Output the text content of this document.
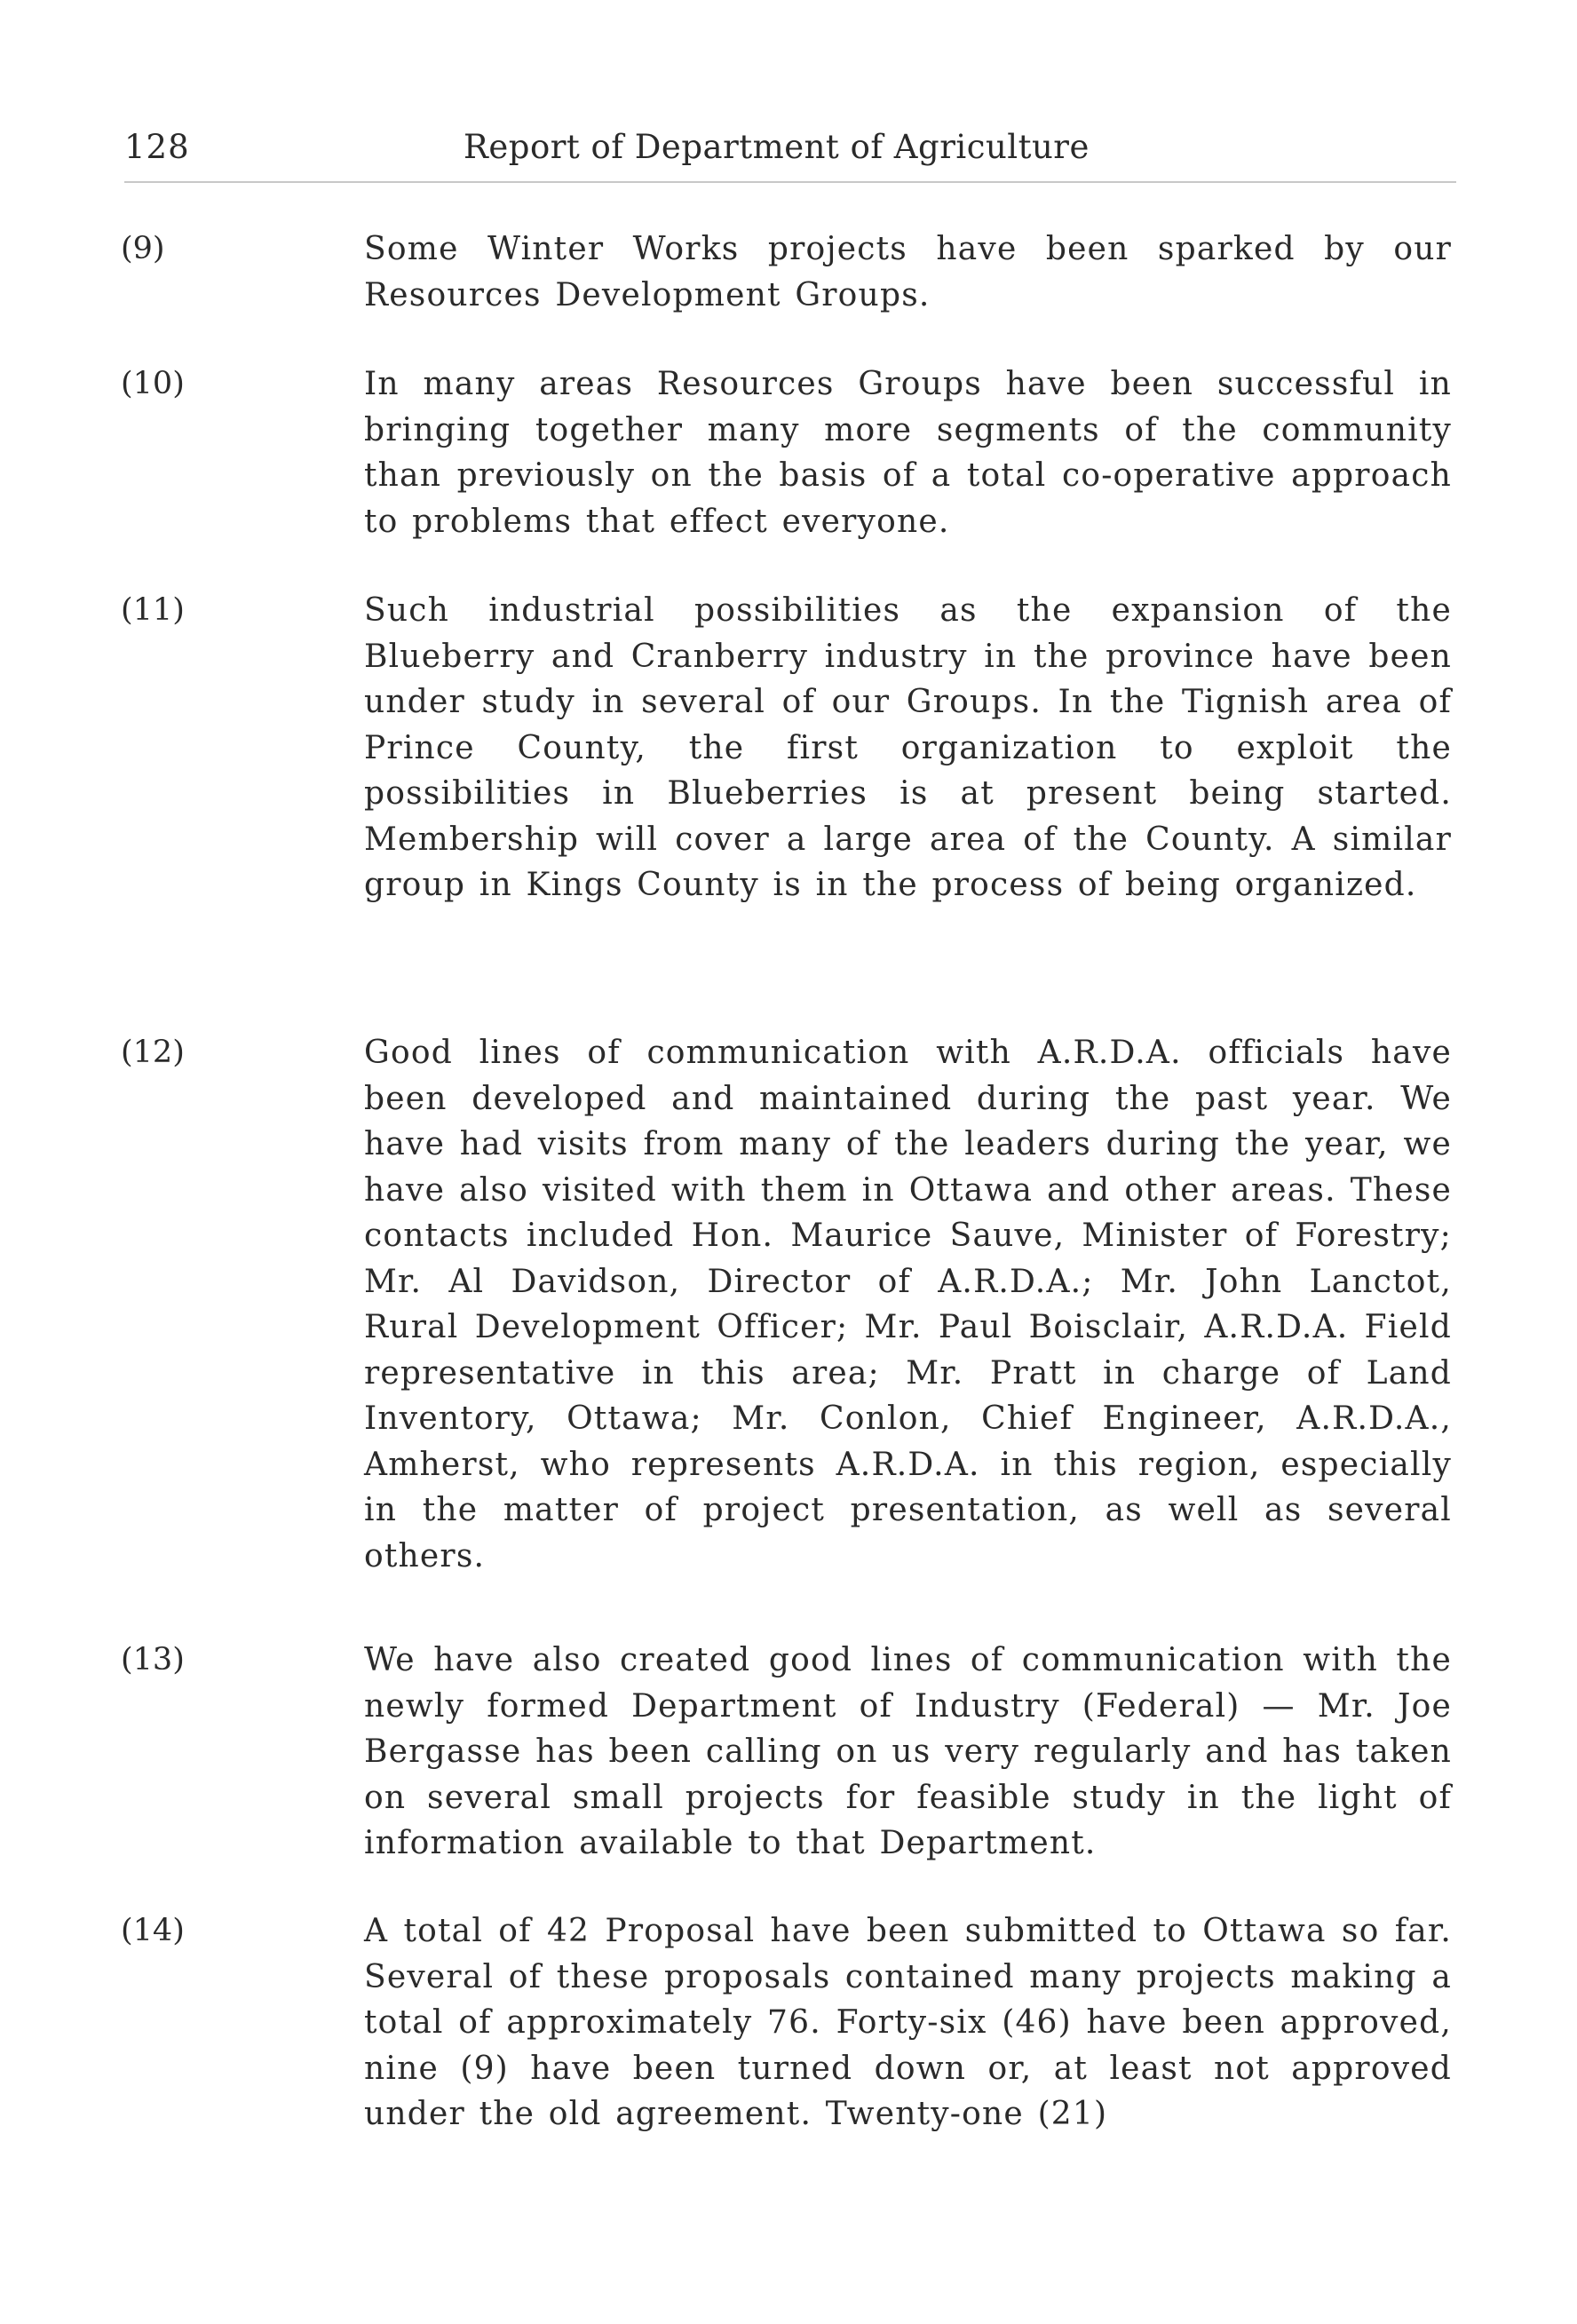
128	Report of Department of Agriculture
(9)	Some Winter Works projects have been sparked by our Resources Development Groups.

(10)	In many areas Resources Groups have been successful in bringing together many more segments of the community than previously on the basis of a total co-operative approach to problems that effect everyone.

(11)	Such industrial possibilities as the expansion of the Blueberry and Cranberry industry in the province have been under study in several of our Groups. In the Tignish area of Prince County, the first organization to exploit the possibilities in Blueberries is at present being started. Membership will cover a large area of the County. A similar group in Kings County is in the process of being organized.

(12)	Good lines of communication with A.R.D.A. officials have been developed and maintained during the past year. We have had visits from many of the leaders during the year, we have also visited with them in Ottawa and other areas. These contacts included Hon. Maurice Sauve, Minister of Forestry; Mr. Al Davidson, Director of A.R.D.A.; Mr. John Lanctot, Rural Development Officer; Mr. Paul Boisclair, A.R.D.A. Field representative in this area; Mr. Pratt in charge of Land Inventory, Ottawa; Mr. Conlon, Chief Engineer, A.R.D.A., Amherst, who represents A.R.D.A. in this region, especially in the matter of project presentation, as well as several others.

(13)	We have also created good lines of communication with the newly formed Department of Industry (Federal) — Mr. Joe Bergasse has been calling on us very regularly and has taken on several small projects for feasible study in the light of information available to that Department.

(14)	A total of 42 Proposal have been submitted to Ottawa so far. Several of these proposals contained many projects making a total of approximately 76. Forty-six (46) have been approved, nine (9) have been turned down or, at least not approved under the old agreement. Twenty-one (21)
